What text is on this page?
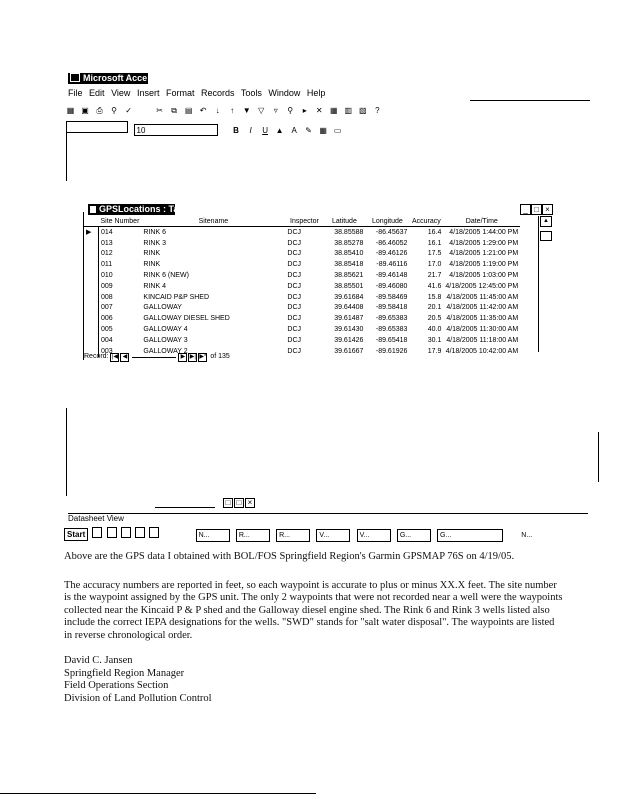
Microsoft Acce
File Edit View Insert Format Records Tools Window Help
▦ ▣ ⎙ ⚲ ✓	✂ ⧉ ▤ ↶ ↓ ↑ ▼ ▽ ▿ ⚲ ▸ ✕ ▦ ▥ ▧ ?
10	B I U ▲ A ✎ ▦ ▭
GPSLocations : Tab	_ □ ×
	Site Number	Sitename	Inspector	Latitude	Longitude	Accuracy	Date/Time
▶	014	RINK 6	DCJ	38.85588	-86.45637	16.4	4/18/2005 1:44:00 PM
	013	RINK 3	DCJ	38.85278	-86.46052	16.1	4/18/2005 1:29:00 PM
	012	RINK	DCJ	38.85410	-89.46126	17.5	4/18/2005 1:21:00 PM
	011	RINK	DCJ	38.85418	-89.46116	17.0	4/18/2005 1:19:00 PM
	010	RINK 6 (NEW)	DCJ	38.85621	-89.46148	21.7	4/18/2005 1:03:00 PM
	009	RINK 4	DCJ	38.85501	-89.46080	41.6	4/18/2005 12:45:00 PM
	008	KINCAID P&P SHED	DCJ	39.61684	-89.58469	15.8	4/18/2005 11:45:00 AM
	007	GALLOWAY	DCJ	39.64408	-89.58418	20.1	4/18/2005 11:42:00 AM
	006	GALLOWAY DIESEL SHED	DCJ	39.61487	-89.65383	20.5	4/18/2005 11:35:00 AM
	005	GALLOWAY 4	DCJ	39.61430	-89.65383	40.0	4/18/2005 11:30:00 AM
	004	GALLOWAY 3	DCJ	39.61426	-89.65418	30.1	4/18/2005 11:18:00 AM
	003	GALLOWAY 2	DCJ	39.61667	-89.61926	17.9	4/18/2005 10:42:00 AM
▲
Record: |◀ ◀	▶ ▶| ▶* of 135
□ □ ×
Datasheet View
Start	N...	R...	R...	V...	V...	G...	G...	N...
Above are the GPS data I obtained with BOL/FOS Springfield Region's Garmin GPSMAP 76S on 4/19/05.
The accuracy numbers are reported in feet, so each waypoint is accurate to plus or minus XX.X feet. The site number is the waypoint assigned by the GPS unit. The only 2 waypoints that were not recorded near a well were the waypoints collected near the Kincaid P & P shed and the Galloway diesel engine shed. The Rink 6 and Rink 3 wells listed also include the correct IEPA designations for the wells. "SWD" stands for "salt water disposal". The waypoints are listed in reverse chronological order.
David C. Jansen
Springfield Region Manager
Field Operations Section
Division of Land Pollution Control
